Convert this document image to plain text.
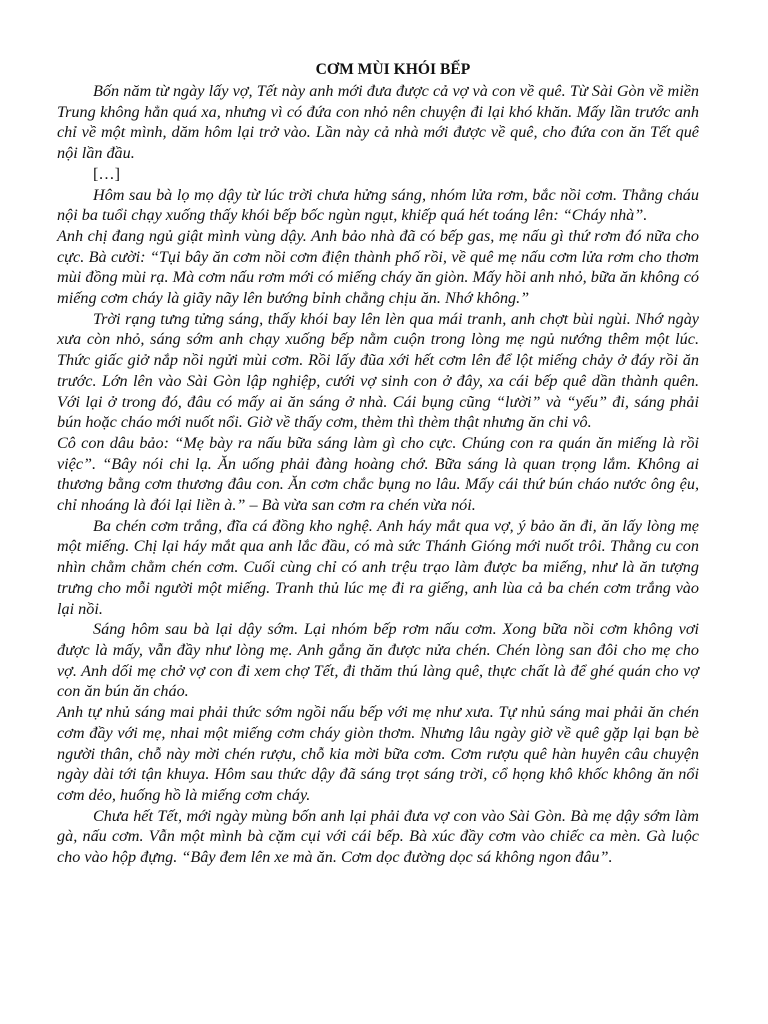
CƠM MÙI KHÓI BẾP

Bốn năm từ ngày lấy vợ, Tết này anh mới đưa được cả vợ và con về quê. Từ Sài Gòn về miền Trung không hẳn quá xa, nhưng vì có đứa con nhỏ nên chuyện đi lại khó khăn. Mấy lần trước anh chỉ về một mình, dăm hôm lại trở vào. Lần này cả nhà mới được về quê, cho đứa con ăn Tết quê nội lần đầu.

[…]

Hôm sau bà lọ mọ dậy từ lúc trời chưa hửng sáng, nhóm lửa rơm, bắc nồi cơm. Thằng cháu nội ba tuổi chạy xuống thấy khói bếp bốc ngùn ngụt, khiếp quá hét toáng lên: “Cháy nhà”.

Anh chị đang ngủ giật mình vùng dậy. Anh bảo nhà đã có bếp gas, mẹ nấu gì thứ rơm đó nữa cho cực. Bà cười: “Tụi bây ăn cơm nồi cơm điện thành phố rồi, về quê mẹ nấu cơm lửa rơm cho thơm mùi đồng mùi rạ. Mà cơm nấu rơm mới có miếng cháy ăn giòn. Mấy hồi anh nhỏ, bữa ăn không có miếng cơm cháy là giãy nãy lên bướng bỉnh chẳng chịu ăn. Nhớ không.”

Trời rạng tưng tửng sáng, thấy khói bay lên lèn qua mái tranh, anh chợt bùi ngùi. Nhớ ngày xưa còn nhỏ, sáng sớm anh chạy xuống bếp nằm cuộn trong lòng mẹ ngủ nướng thêm một lúc. Thức giấc giở nắp nồi ngửi mùi cơm. Rồi lấy đũa xới hết cơm lên để lột miếng chảy ở đáy rồi ăn trước. Lớn lên vào Sài Gòn lập nghiệp, cưới vợ sinh con ở đây, xa cái bếp quê dần thành quên. Với lại ở trong đó, đâu có mấy ai ăn sáng ở nhà. Cái bụng cũng “lười” và “yếu” đi, sáng phải bún hoặc cháo mới nuốt nổi. Giờ về thấy cơm, thèm thì thèm thật nhưng ăn chi vô.

Cô con dâu bảo: “Mẹ bày ra nấu bữa sáng làm gì cho cực. Chúng con ra quán ăn miếng là rồi việc”. “Bây nói chi lạ. Ăn uống phải đàng hoàng chớ. Bữa sáng là quan trọng lắm. Không ai thương bằng cơm thương đâu con. Ăn cơm chắc bụng no lâu. Mấy cái thứ bún cháo nước ông ệu, chỉ nhoáng là đói lại liền à.” – Bà vừa san cơm ra chén vừa nói.

Ba chén cơm trắng, đĩa cá đồng kho nghệ. Anh háy mắt qua vợ, ý bảo ăn đi, ăn lấy lòng mẹ một miếng. Chị lại háy mắt qua anh lắc đầu, có mà sức Thánh Gióng mới nuốt trôi. Thằng cu con nhìn chằm chằm chén cơm. Cuối cùng chỉ có anh trệu trạo làm được ba miếng, như là ăn tượng trưng cho mỗi người một miếng. Tranh thủ lúc mẹ đi ra giếng, anh lùa cả ba chén cơm trắng vào lại nồi.

Sáng hôm sau bà lại dậy sớm. Lại nhóm bếp rơm nấu cơm. Xong bữa nồi cơm không vơi được là mấy, vẫn đầy như lòng mẹ. Anh gắng ăn được nửa chén. Chén lòng san đôi cho mẹ cho vợ. Anh dối mẹ chở vợ con đi xem chợ Tết, đi thăm thú làng quê, thực chất là để ghé quán cho vợ con ăn bún ăn cháo.

Anh tự nhủ sáng mai phải thức sớm ngồi nấu bếp với mẹ như xưa. Tự nhủ sáng mai phải ăn chén cơm đầy với mẹ, nhai một miếng cơm cháy giòn thơm. Nhưng lâu ngày giờ về quê gặp lại bạn bè người thân, chỗ này mời chén rượu, chỗ kia mời bữa cơm. Cơm rượu quê hàn huyên câu chuyện ngày dài tới tận khuya. Hôm sau thức dậy đã sáng trọt sáng trời, cổ họng khô khốc không ăn nổi cơm dẻo, huống hồ là miếng cơm cháy.

Chưa hết Tết, mới ngày mùng bốn anh lại phải đưa vợ con vào Sài Gòn. Bà mẹ dậy sớm làm gà, nấu cơm. Vẫn một mình bà cặm cụi với cái bếp. Bà xúc đầy cơm vào chiếc ca mèn. Gà luộc cho vào hộp đựng. “Bây đem lên xe mà ăn. Cơm dọc đường dọc sá không ngon đâu”.
